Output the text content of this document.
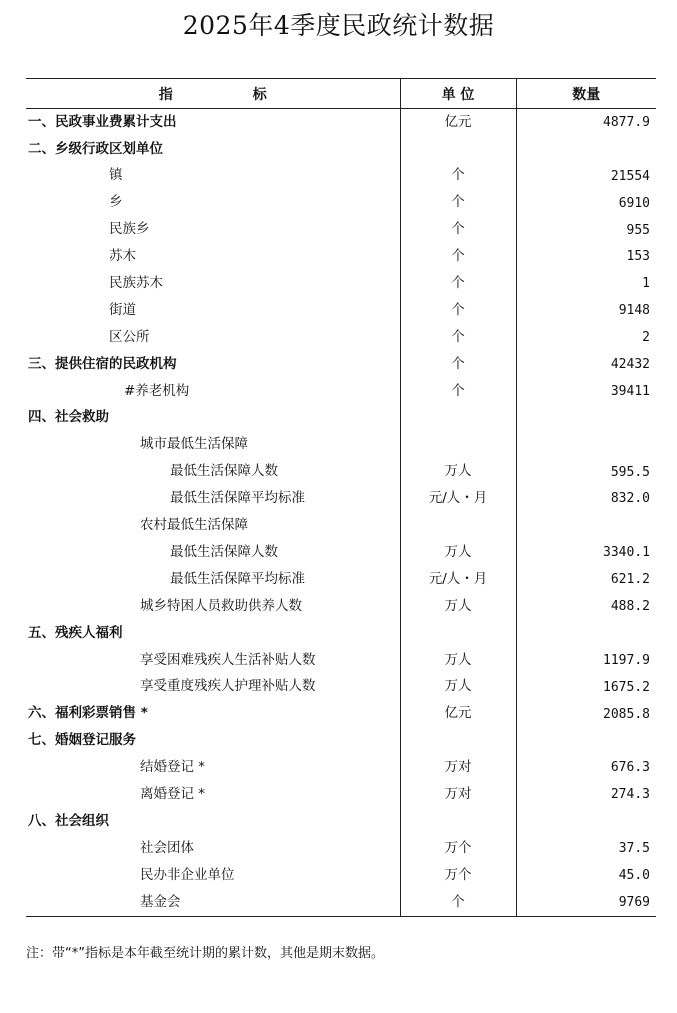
2025年4季度民政统计数据
指 标	单 位	数量
一、民政事业费累计支出	亿元	4877.9
二、乡级行政区划单位		
镇	个	21554
乡	个	6910
民族乡	个	955
苏木	个	153
民族苏木	个	1
街道	个	9148
区公所	个	2
三、提供住宿的民政机构	个	42432
#养老机构	个	39411
四、社会救助		
城市最低生活保障		
最低生活保障人数	万人	595.5
最低生活保障平均标准	元/人・月	832.0
农村最低生活保障		
最低生活保障人数	万人	3340.1
最低生活保障平均标准	元/人・月	621.2
城乡特困人员救助供养人数	万人	488.2
五、残疾人福利		
享受困难残疾人生活补贴人数	万人	1197.9
享受重度残疾人护理补贴人数	万人	1675.2
六、福利彩票销售 *	亿元	2085.8
七、婚姻登记服务		
结婚登记 *	万对	676.3
离婚登记 *	万对	274.3
八、社会组织		
社会团体	万个	37.5
民办非企业单位	万个	45.0
基金会	个	9769
注：带“*”指标是本年截至统计期的累计数，其他是期末数据。
